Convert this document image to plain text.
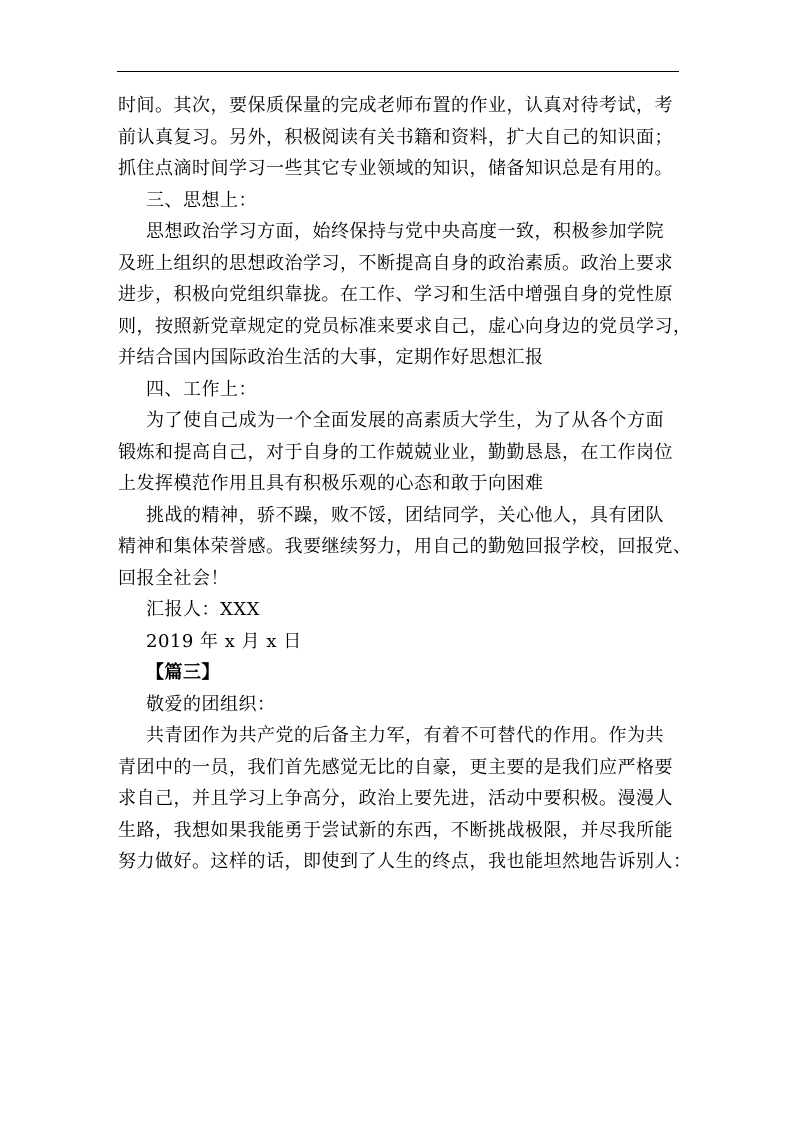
时间。其次，要保质保量的完成老师布置的作业，认真对待考试，考
前认真复习。另外，积极阅读有关书籍和资料，扩大自己的知识面；
抓住点滴时间学习一些其它专业领域的知识，储备知识总是有用的。
三、思想上：
思想政治学习方面，始终保持与党中央高度一致，积极参加学院
及班上组织的思想政治学习，不断提高自身的政治素质。政治上要求
进步，积极向党组织靠拢。在工作、学习和生活中增强自身的党性原
则，按照新党章规定的党员标准来要求自己，虚心向身边的党员学习，
并结合国内国际政治生活的大事，定期作好思想汇报
四、工作上：
为了使自己成为一个全面发展的高素质大学生，为了从各个方面
锻炼和提高自己，对于自身的工作兢兢业业，勤勤恳恳，在工作岗位
上发挥模范作用且具有积极乐观的心态和敢于向困难
挑战的精神，骄不躁，败不馁，团结同学，关心他人，具有团队
精神和集体荣誉感。我要继续努力，用自己的勤勉回报学校，回报党、
回报全社会！
汇报人：XXX
2019 年 x 月 x 日
【篇三】
敬爱的团组织：
共青团作为共产党的后备主力军，有着不可替代的作用。作为共
青团中的一员，我们首先感觉无比的自豪，更主要的是我们应严格要
求自己，并且学习上争高分，政治上要先进，活动中要积极。漫漫人
生路，我想如果我能勇于尝试新的东西，不断挑战极限，并尽我所能
努力做好。这样的话，即使到了人生的终点，我也能坦然地告诉别人：
